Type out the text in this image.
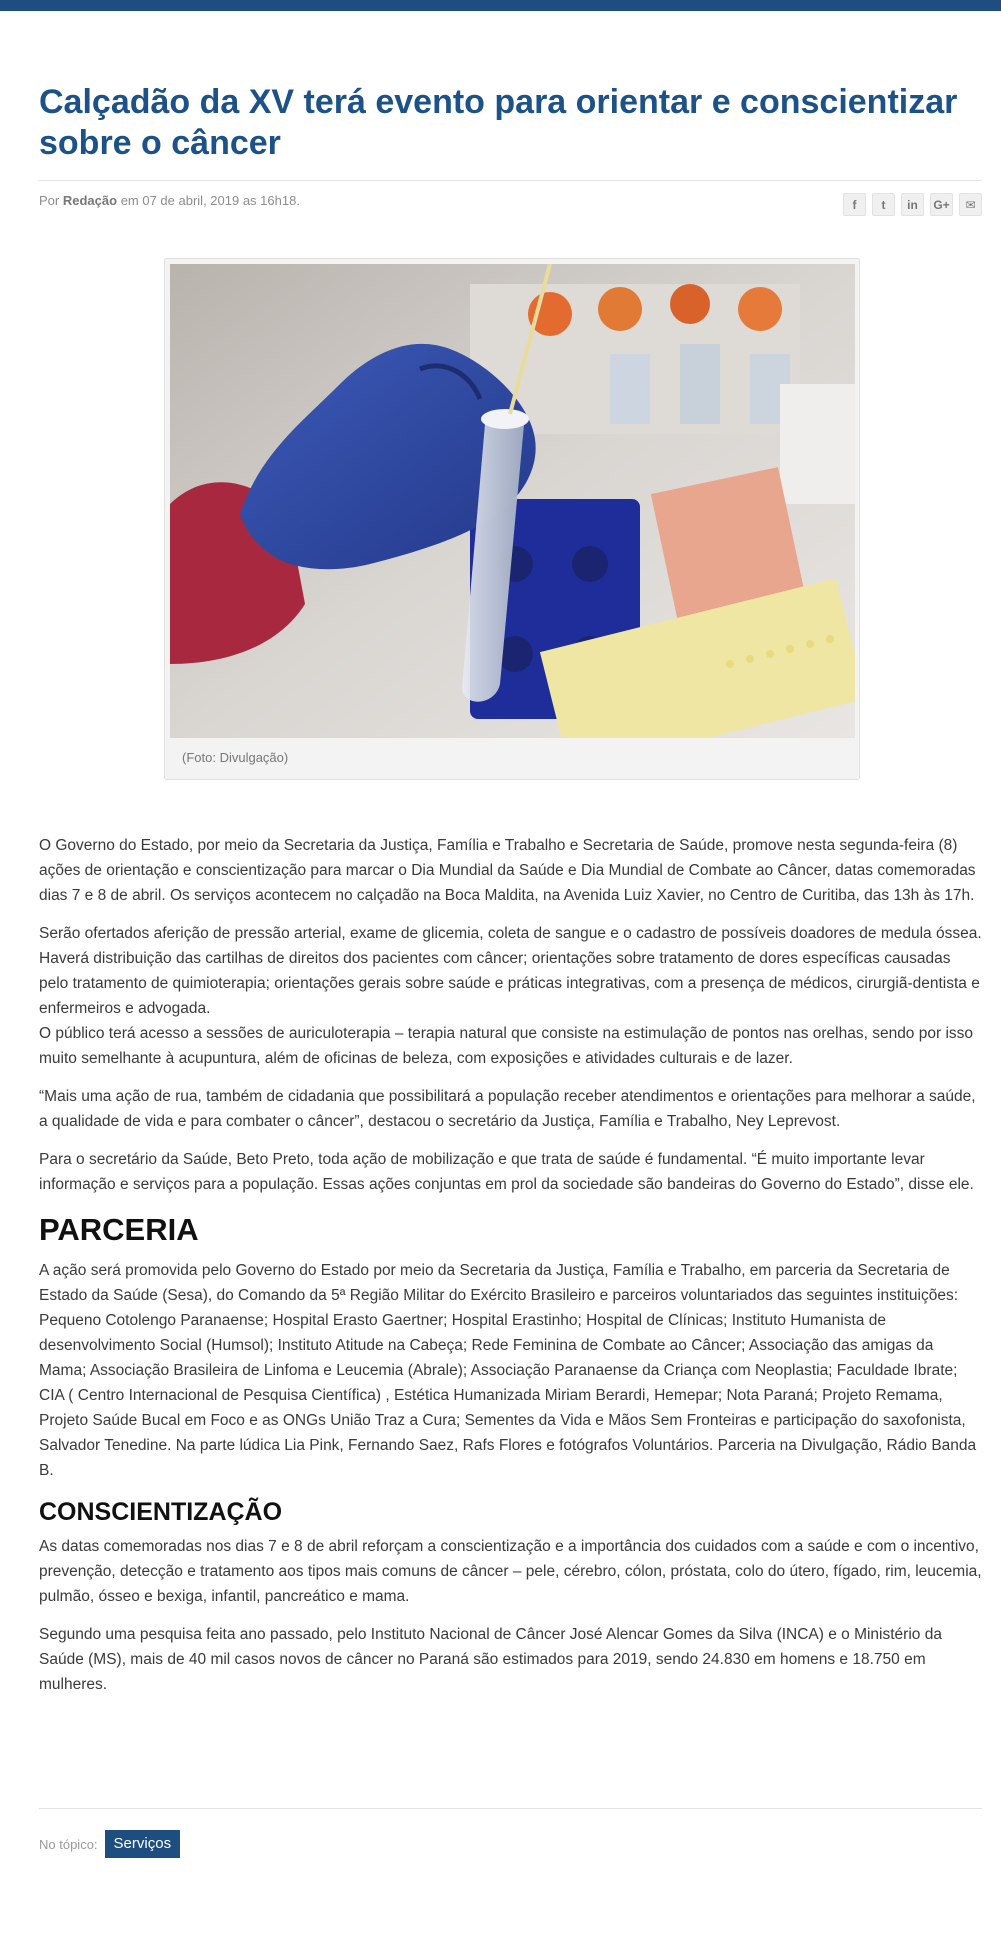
Calçadão da XV terá evento para orientar e conscientizar sobre o câncer
Por Redação em 07 de abril, 2019 as 16h18.	f	t	in	G+	✉
(Foto: Divulgação)

O Governo do Estado, por meio da Secretaria da Justiça, Família e Trabalho e Secretaria de Saúde, promove nesta segunda-feira (8) ações de orientação e conscientização para marcar o Dia Mundial da Saúde e Dia Mundial de Combate ao Câncer, datas comemoradas dias 7 e 8 de abril. Os serviços acontecem no calçadão na Boca Maldita, na Avenida Luiz Xavier, no Centro de Curitiba, das 13h às 17h.

Serão ofertados aferição de pressão arterial, exame de glicemia, coleta de sangue e o cadastro de possíveis doadores de medula óssea. Haverá distribuição das cartilhas de direitos dos pacientes com câncer; orientações sobre tratamento de dores específicas causadas pelo tratamento de quimioterapia; orientações gerais sobre saúde e práticas integrativas, com a presença de médicos, cirurgiã-dentista e enfermeiros e advogada.

O público terá acesso a sessões de auriculoterapia – terapia natural que consiste na estimulação de pontos nas orelhas, sendo por isso muito semelhante à acupuntura, além de oficinas de beleza, com exposições e atividades culturais e de lazer.

“Mais uma ação de rua, também de cidadania que possibilitará a população receber atendimentos e orientações para melhorar a saúde, a qualidade de vida e para combater o câncer”, destacou o secretário da Justiça, Família e Trabalho, Ney Leprevost.

Para o secretário da Saúde, Beto Preto, toda ação de mobilização e que trata de saúde é fundamental. “É muito importante levar informação e serviços para a população. Essas ações conjuntas em prol da sociedade são bandeiras do Governo do Estado”, disse ele.

PARCERIA

A ação será promovida pelo Governo do Estado por meio da Secretaria da Justiça, Família e Trabalho, em parceria da Secretaria de Estado da Saúde (Sesa), do Comando da 5ª Região Militar do Exército Brasileiro e parceiros voluntariados das seguintes instituições: Pequeno Cotolengo Paranaense; Hospital Erasto Gaertner; Hospital Erastinho; Hospital de Clínicas; Instituto Humanista de desenvolvimento Social (Humsol); Instituto Atitude na Cabeça; Rede Feminina de Combate ao Câncer; Associação das amigas da Mama; Associação Brasileira de Linfoma e Leucemia (Abrale); Associação Paranaense da Criança com Neoplastia; Faculdade Ibrate; CIA ( Centro Internacional de Pesquisa Científica) , Estética Humanizada Miriam Berardi, Hemepar; Nota Paraná; Projeto Remama, Projeto Saúde Bucal em Foco e as ONGs União Traz a Cura; Sementes da Vida e Mãos Sem Fronteiras e participação do saxofonista, Salvador Tenedine. Na parte lúdica Lia Pink, Fernando Saez, Rafs Flores e fotógrafos Voluntários. Parceria na Divulgação, Rádio Banda B.

CONSCIENTIZAÇÃO

As datas comemoradas nos dias 7 e 8 de abril reforçam a conscientização e a importância dos cuidados com a saúde e com o incentivo, prevenção, detecção e tratamento aos tipos mais comuns de câncer – pele, cérebro, cólon, próstata, colo do útero, fígado, rim, leucemia, pulmão, ósseo e bexiga, infantil, pancreático e mama.

Segundo uma pesquisa feita ano passado, pelo Instituto Nacional de Câncer José Alencar Gomes da Silva (INCA) e o Ministério da Saúde (MS), mais de 40 mil casos novos de câncer no Paraná são estimados para 2019, sendo 24.830 em homens e 18.750 em mulheres.

No tópico:	Serviços
